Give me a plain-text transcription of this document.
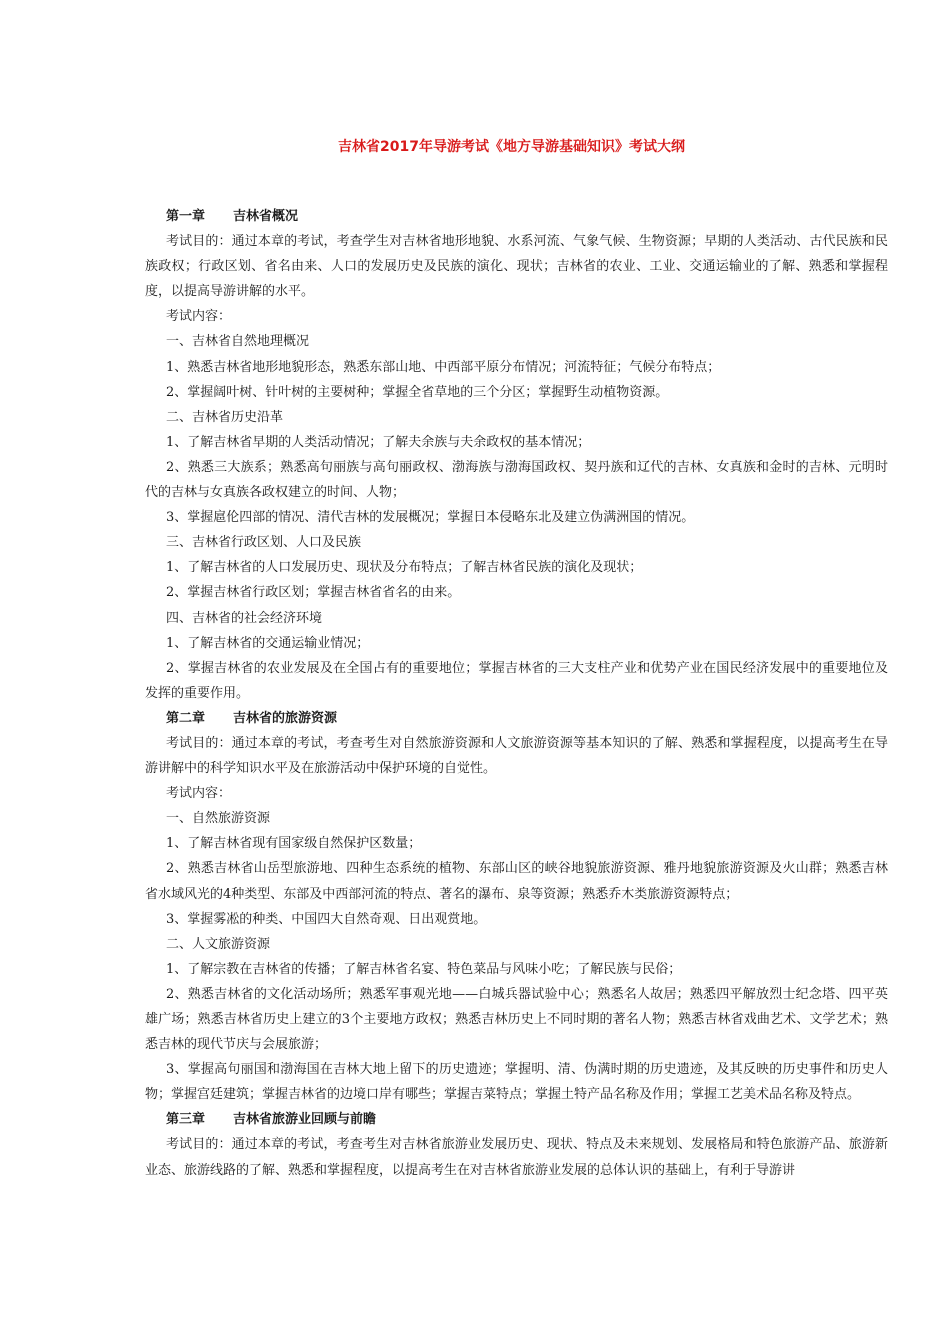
吉林省2017年导游考试《地方导游基础知识》考试大纲
第一章 吉林省概况
考试目的：通过本章的考试，考查学生对吉林省地形地貌、水系河流、气象气候、生物资源；早期的人类活动、古代民族和民族政权；行政区划、省名由来、人口的发展历史及民族的演化、现状；吉林省的农业、工业、交通运输业的了解、熟悉和掌握程度，以提高导游讲解的水平。
考试内容：
一、吉林省自然地理概况
1、熟悉吉林省地形地貌形态，熟悉东部山地、中西部平原分布情况；河流特征；气候分布特点；
2、掌握阔叶树、针叶树的主要树种；掌握全省草地的三个分区；掌握野生动植物资源。
二、吉林省历史沿革
1、了解吉林省早期的人类活动情况；了解夫余族与夫余政权的基本情况；
2、熟悉三大族系；熟悉高句丽族与高句丽政权、渤海族与渤海国政权、契丹族和辽代的吉林、女真族和金时的吉林、元明时代的吉林与女真族各政权建立的时间、人物；
3、掌握扈伦四部的情况、清代吉林的发展概况；掌握日本侵略东北及建立伪满洲国的情况。
三、吉林省行政区划、人口及民族
1、了解吉林省的人口发展历史、现状及分布特点；了解吉林省民族的演化及现状；
2、掌握吉林省行政区划；掌握吉林省省名的由来。
四、吉林省的社会经济环境
1、了解吉林省的交通运输业情况；
2、掌握吉林省的农业发展及在全国占有的重要地位；掌握吉林省的三大支柱产业和优势产业在国民经济发展中的重要地位及发挥的重要作用。
第二章 吉林省的旅游资源
考试目的：通过本章的考试，考查考生对自然旅游资源和人文旅游资源等基本知识的了解、熟悉和掌握程度，以提高考生在导游讲解中的科学知识水平及在旅游活动中保护环境的自觉性。
考试内容：
一、自然旅游资源
1、了解吉林省现有国家级自然保护区数量；
2、熟悉吉林省山岳型旅游地、四种生态系统的植物、东部山区的峡谷地貌旅游资源、雅丹地貌旅游资源及火山群；熟悉吉林省水域风光的4种类型、东部及中西部河流的特点、著名的瀑布、泉等资源；熟悉乔木类旅游资源特点；
3、掌握雾凇的种类、中国四大自然奇观、日出观赏地。
二、人文旅游资源
1、了解宗教在吉林省的传播；了解吉林省名宴、特色菜品与风味小吃；了解民族与民俗；
2、熟悉吉林省的文化活动场所；熟悉军事观光地——白城兵器试验中心；熟悉名人故居；熟悉四平解放烈士纪念塔、四平英雄广场；熟悉吉林省历史上建立的3个主要地方政权；熟悉吉林历史上不同时期的著名人物；熟悉吉林省戏曲艺术、文学艺术；熟悉吉林的现代节庆与会展旅游；
3、掌握高句丽国和渤海国在吉林大地上留下的历史遗迹；掌握明、清、伪满时期的历史遗迹，及其反映的历史事件和历史人物；掌握宫廷建筑；掌握吉林省的边境口岸有哪些；掌握吉菜特点；掌握土特产品名称及作用；掌握工艺美术品名称及特点。
第三章 吉林省旅游业回顾与前瞻
考试目的：通过本章的考试，考查考生对吉林省旅游业发展历史、现状、特点及未来规划、发展格局和特色旅游产品、旅游新业态、旅游线路的了解、熟悉和掌握程度，以提高考生在对吉林省旅游业发展的总体认识的基础上，有利于导游讲
